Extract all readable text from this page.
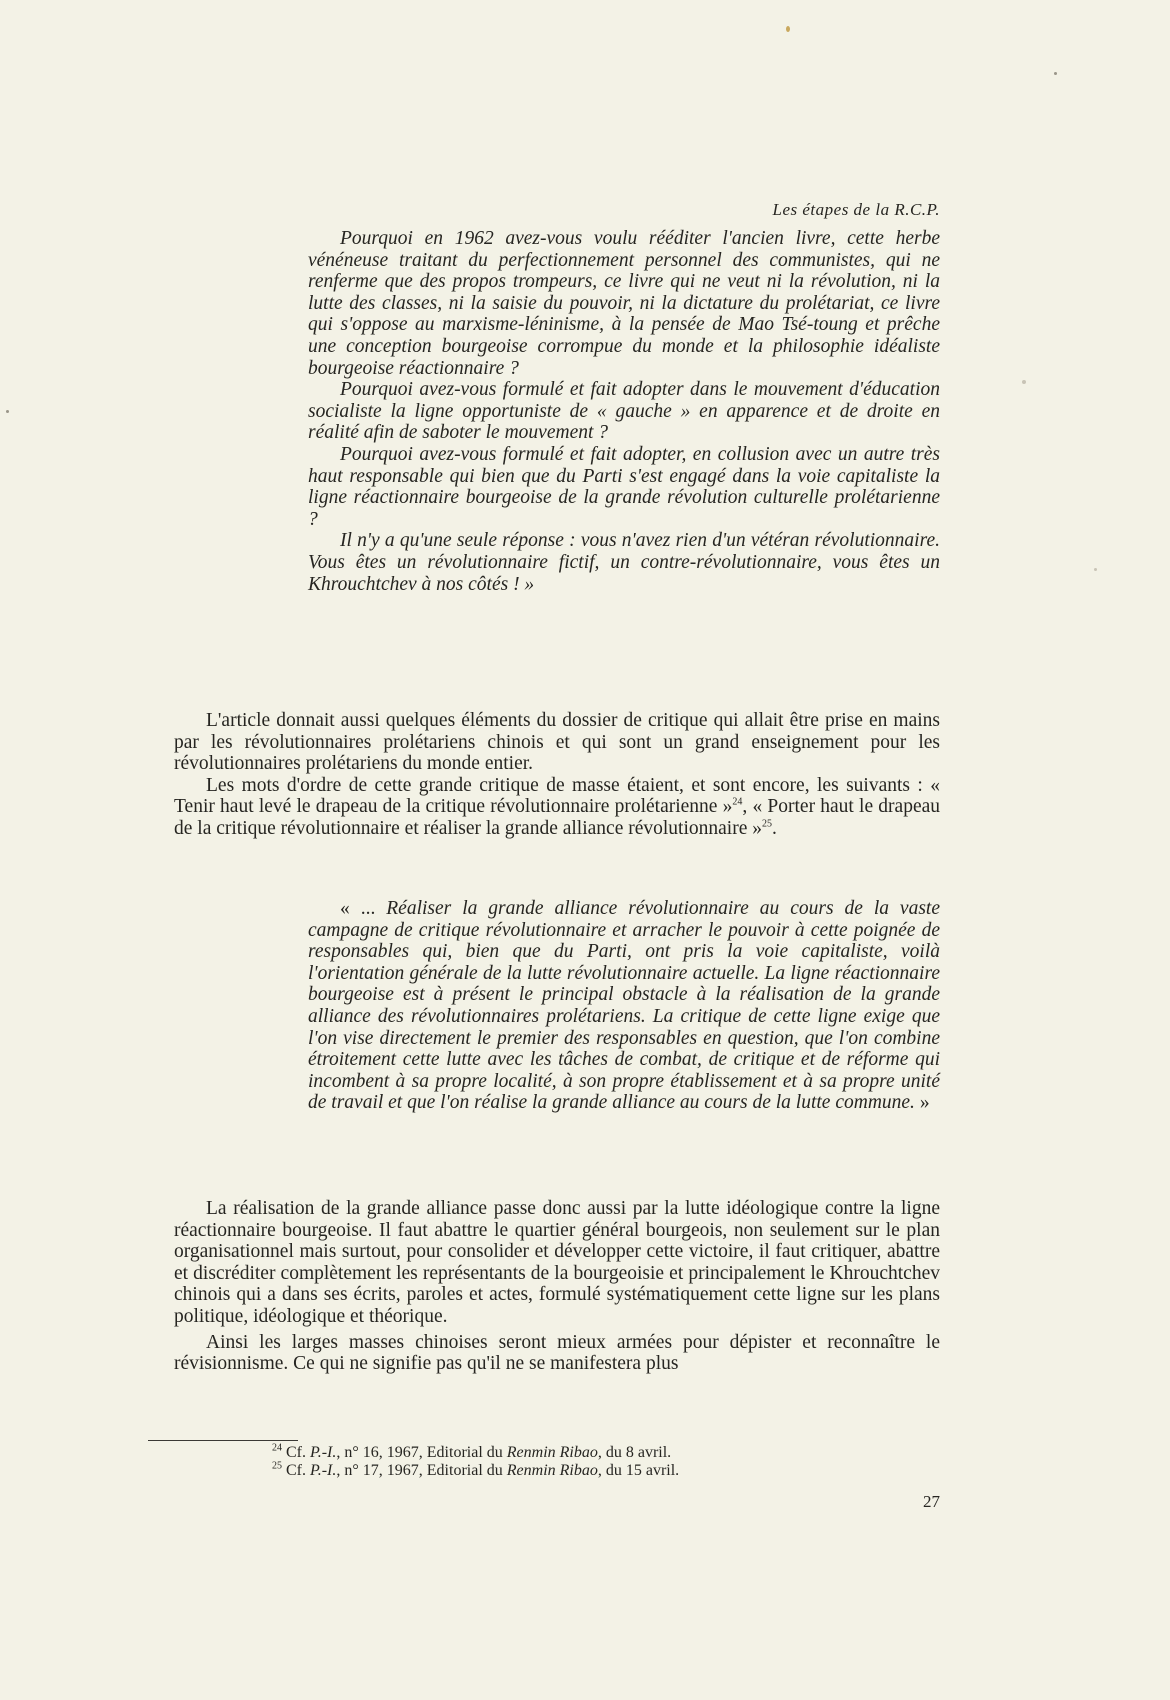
Les étapes de la R.C.P.

Pourquoi en 1962 avez-vous voulu rééditer l'ancien livre, cette herbe vénéneuse traitant du perfectionnement personnel des communistes, qui ne renferme que des propos trompeurs, ce livre qui ne veut ni la révolution, ni la lutte des classes, ni la saisie du pouvoir, ni la dictature du prolétariat, ce livre qui s'oppose au marxisme-léninisme, à la pensée de Mao Tsé-toung et prêche une conception bourgeoise corrompue du monde et la philosophie idéaliste bourgeoise réactionnaire ?

Pourquoi avez-vous formulé et fait adopter dans le mouvement d'éducation socialiste la ligne opportuniste de « gauche » en apparence et de droite en réalité afin de saboter le mouvement ?

Pourquoi avez-vous formulé et fait adopter, en collusion avec un autre très haut responsable qui bien que du Parti s'est engagé dans la voie capitaliste la ligne réactionnaire bourgeoise de la grande révolution culturelle prolétarienne ?

Il n'y a qu'une seule réponse : vous n'avez rien d'un vétéran révolutionnaire. Vous êtes un révolutionnaire fictif, un contre-révolutionnaire, vous êtes un Khrouchtchev à nos côtés ! »

L'article donnait aussi quelques éléments du dossier de critique qui allait être prise en mains par les révolutionnaires prolétariens chinois et qui sont un grand enseignement pour les révolutionnaires prolétariens du monde entier.

Les mots d'ordre de cette grande critique de masse étaient, et sont encore, les suivants : « Tenir haut levé le drapeau de la critique révolutionnaire prolétarienne »$^{24}$, « Porter haut le drapeau de la critique révolutionnaire et réaliser la grande alliance révolutionnaire »$^{25}$.

« ... Réaliser la grande alliance révolutionnaire au cours de la vaste campagne de critique révolutionnaire et arracher le pouvoir à cette poignée de responsables qui, bien que du Parti, ont pris la voie capitaliste, voilà l'orientation générale de la lutte révolutionnaire actuelle. La ligne réactionnaire bourgeoise est à présent le principal obstacle à la réalisation de la grande alliance des révolutionnaires prolétariens. La critique de cette ligne exige que l'on vise directement le premier des responsables en question, que l'on combine étroitement cette lutte avec les tâches de combat, de critique et de réforme qui incombent à sa propre localité, à son propre établissement et à sa propre unité de travail et que l'on réalise la grande alliance au cours de la lutte commune. »

La réalisation de la grande alliance passe donc aussi par la lutte idéologique contre la ligne réactionnaire bourgeoise. Il faut abattre le quartier général bourgeois, non seulement sur le plan organisationnel mais surtout, pour consolider et développer cette victoire, il faut critiquer, abattre et discréditer complètement les représentants de la bourgeoisie et principalement le Khrouchtchev chinois qui a dans ses écrits, paroles et actes, formulé systématiquement cette ligne sur les plans politique, idéologique et théorique.

Ainsi les larges masses chinoises seront mieux armées pour dépister et reconnaître le révisionnisme. Ce qui ne signifie pas qu'il ne se manifestera plus

$^{24}$ Cf. P.-I., n° 16, 1967, Editorial du Renmin Ribao, du 8 avril.
$^{25}$ Cf. P.-I., n° 17, 1967, Editorial du Renmin Ribao, du 15 avril.
27
